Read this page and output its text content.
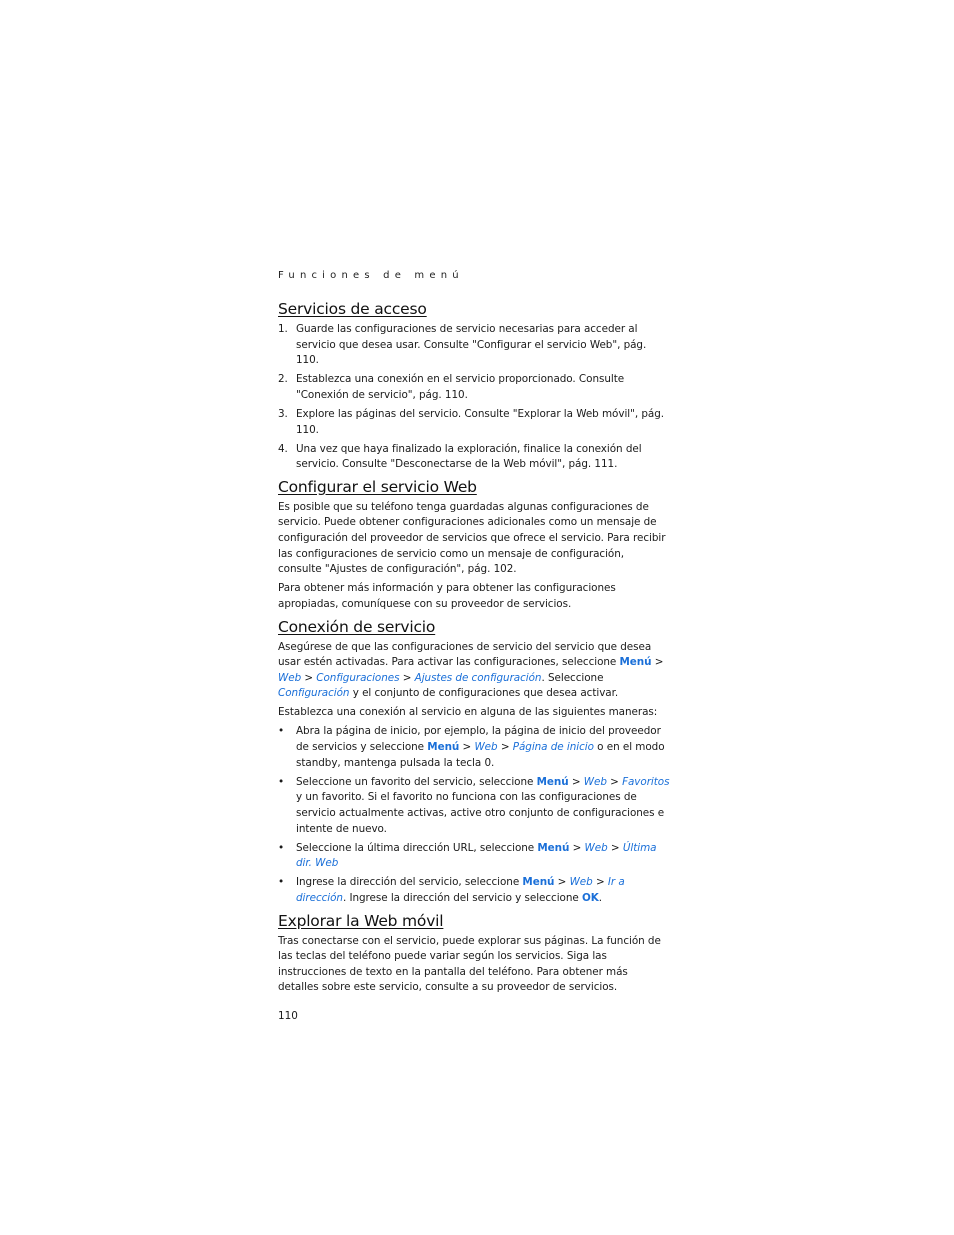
Funciones de menú
Servicios de acceso
1. Guarde las configuraciones de servicio necesarias para acceder al servicio que desea usar. Consulte "Configurar el servicio Web", pág. 110.
2. Establezca una conexión en el servicio proporcionado. Consulte "Conexión de servicio", pág. 110.
3. Explore las páginas del servicio. Consulte "Explorar la Web móvil", pág. 110.
4. Una vez que haya finalizado la exploración, finalice la conexión del servicio. Consulte "Desconectarse de la Web móvil", pág. 111.
Configurar el servicio Web

Es posible que su teléfono tenga guardadas algunas configuraciones de servicio. Puede obtener configuraciones adicionales como un mensaje de configuración del proveedor de servicios que ofrece el servicio. Para recibir las configuraciones de servicio como un mensaje de configuración, consulte "Ajustes de configuración", pág. 102.

Para obtener más información y para obtener las configuraciones apropiadas, comuníquese con su proveedor de servicios.

Conexión de servicio

Asegúrese de que las configuraciones de servicio del servicio que desea usar estén activadas. Para activar las configuraciones, seleccione Menú > Web > Configuraciones > Ajustes de configuración. Seleccione Configuración y el conjunto de configuraciones que desea activar.

Establezca una conexión al servicio en alguna de las siguientes maneras:

• Abra la página de inicio, por ejemplo, la página de inicio del proveedor de servicios y seleccione Menú > Web > Página de inicio o en el modo standby, mantenga pulsada la tecla 0.
• Seleccione un favorito del servicio, seleccione Menú > Web > Favoritos y un favorito. Si el favorito no funciona con las configuraciones de servicio actualmente activas, active otro conjunto de configuraciones e intente de nuevo.
• Seleccione la última dirección URL, seleccione Menú > Web > Última dir. Web
• Ingrese la dirección del servicio, seleccione Menú > Web > Ir a dirección. Ingrese la dirección del servicio y seleccione OK.
Explorar la Web móvil

Tras conectarse con el servicio, puede explorar sus páginas. La función de las teclas del teléfono puede variar según los servicios. Siga las instrucciones de texto en la pantalla del teléfono. Para obtener más detalles sobre este servicio, consulte a su proveedor de servicios.

110
